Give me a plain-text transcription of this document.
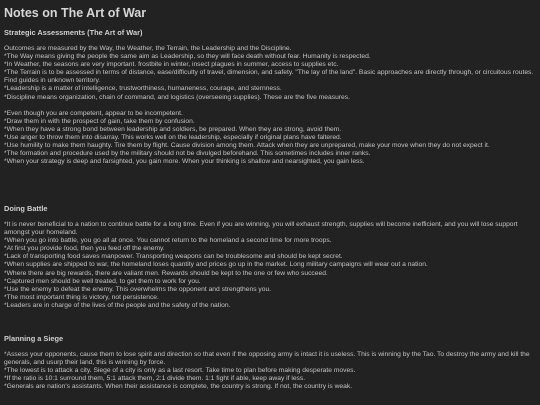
Notes on The Art of War
Strategic Assessments (The Art of War)
Outcomes are measured by the Way, the Weather, the Terrain, the Leadership and the Discipline.
*The Way means giving the people the same aim as Leadership, so they will face death without fear. Humanity is respected.
*In Weather, the seasons are very important. frostbite in winter, insect plagues in summer, access to supplies etc.
*The Terrain is to be assessed in terms of distance, ease/difficulty of travel, dimension, and safety. "The lay of the land". Basic approaches are directly through, or circuitous routes. Find guides in unknown territory.
*Leadership is a matter of intelligence, trustworthiness, humaneness, courage, and sternness.
*Discipline means organization, chain of command, and logistics (overseeing supplies). These are the five measures.
*Even though you are competent, appear to be incompetent.
*Draw them in with the prospect of gain, take them by confusion.
*When they have a strong bond between leadership and soldiers, be prepared. When they are strong, avoid them.
*Use anger to throw them into disarray. This works well on the leadership, especially if original plans have faltered.
*Use humility to make them haughty. Tire them by flight. Cause division among them. Attack when they are unprepared, make your move when they do not expect it.
*The formation and procedure used by the military should not be divulged beforehand. This sometimes includes inner ranks.
*When your strategy is deep and farsighted, you gain more. When your thinking is shallow and nearsighted, you gain less.
Doing Battle
*It is never beneficial to a nation to continue battle for a long time. Even if you are winning, you will exhaust strength, supplies will become inefficient, and you will lose support amongst your homeland.
*When you go into battle, you go all at once. You cannot return to the homeland a second time for more troops.
*At first you provide food, then you feed off the enemy.
*Lack of transporting food saves manpower. Transporting weapons can be troublesome and should be kept secret.
*When supplies are shipped to war, the homeland loses quantity and prices go up in the market. Long military campaigns will wear out a nation.
*Where there are big rewards, there are valiant men. Rewards should be kept to the one or few who succeed.
*Captured men should be well treated, to get them to work for you.
*Use the enemy to defeat the enemy. This overwhelms the opponent and strengthens you.
*The most important thing is victory, not persistence.
*Leaders are in charge of the lives of the people and the safety of the nation.
Planning a Siege
*Assess your opponents, cause them to lose spirit and direction so that even if the opposing army is intact it is useless. This is winning by the Tao. To destroy the army and kill the generals, and usurp their land, this is winning by force.
*The lowest is to attack a city. Siege of a city is only as a last resort. Take time to plan before making desperate moves.
*If the ratio is 10:1 surround them, 5:1 attack them, 2:1 divide them. 1:1 fight if able, keep away if less.
*Generals are nation's assistants. When their assistance is complete, the country is strong. If not, the country is weak.
